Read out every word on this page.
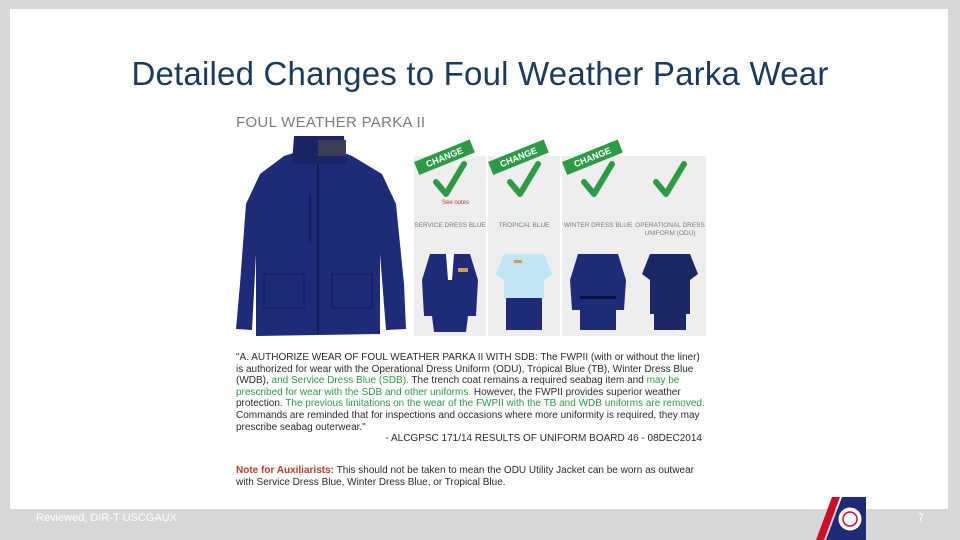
Detailed Changes to Foul Weather Parka Wear
FOUL WEATHER PARKA II
CHANGE
See notes
SERVICE DRESS BLUE
CHANGE
TROPICAL BLUE
CHANGE
WINTER DRESS BLUE OPERATIONAL DRESS UNIFORM (ODU)
"A. AUTHORIZE WEAR OF FOUL WEATHER PARKA II WITH SDB: The FWPII (with or without the liner) is authorized for wear with the Operational Dress Uniform (ODU), Tropical Blue (TB), Winter Dress Blue (WDB), and Service Dress Blue (SDB). The trench coat remains a required seabag item and may be prescribed for wear with the SDB and other uniforms. However, the FWPII provides superior weather protection. The previous limitations on the wear of the FWPII with the TB and WDB uniforms are removed. Commands are reminded that for inspections and occasions where more uniformity is required, they may prescribe seabag outerwear."
- ALCGPSC 171/14 RESULTS OF UNIFORM BOARD 46 - 08DEC2014
Note for Auxiliarists: This should not be taken to mean the ODU Utility Jacket can be worn as outwear with Service Dress Blue, Winter Dress Blue, or Tropical Blue.
Reviewed, DIR-T USCGAUX	7
